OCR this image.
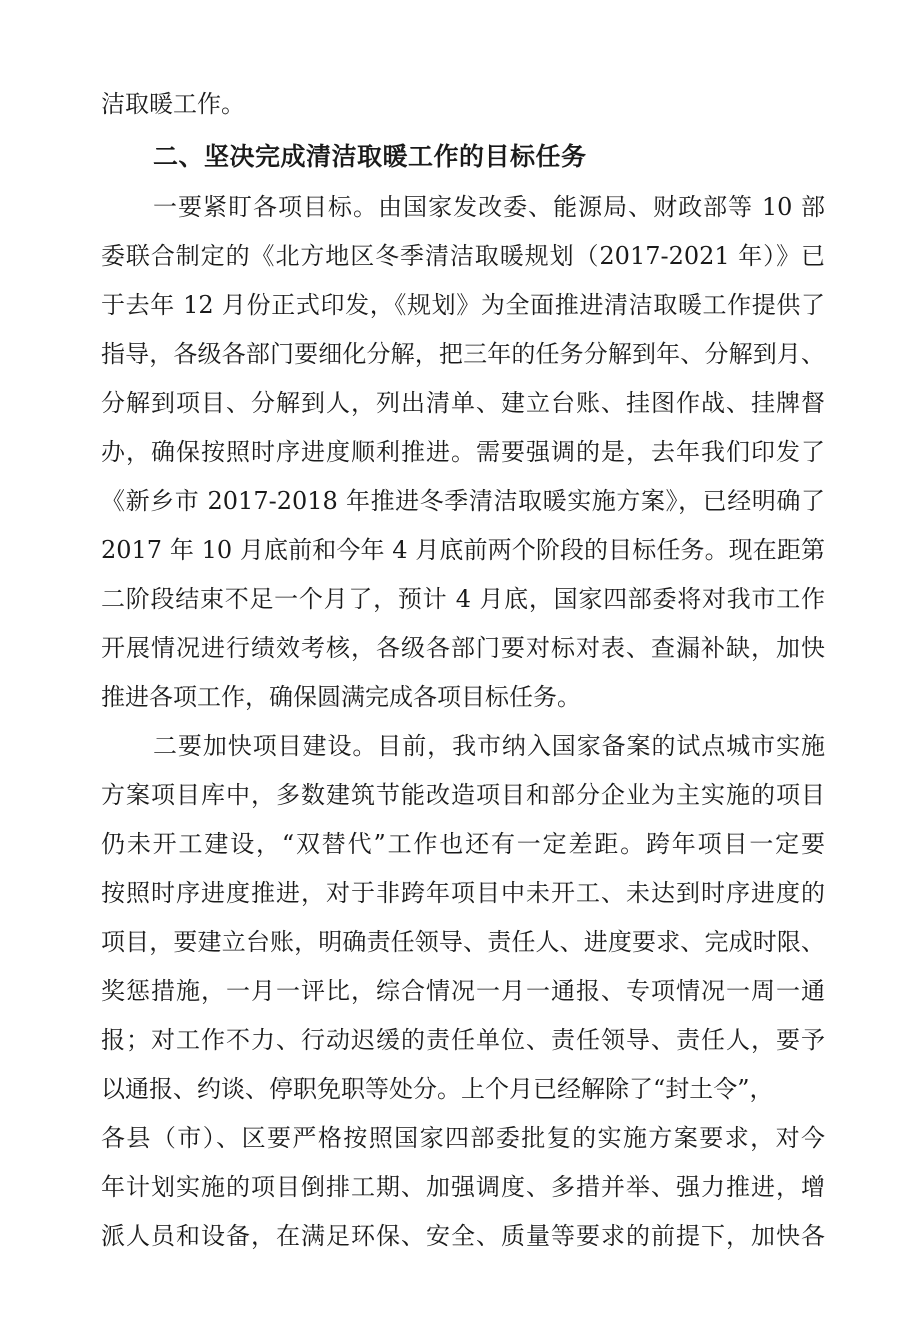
洁取暖工作。
二、坚决完成清洁取暖工作的目标任务
一要紧盯各项目标。由国家发改委、能源局、财政部等 10 部
委联合制定的《北方地区冬季清洁取暖规划（2017-2021 年）》已
于去年 12 月份正式印发，《规划》为全面推进清洁取暖工作提供了
指导，各级各部门要细化分解，把三年的任务分解到年、分解到月、
分解到项目、分解到人，列出清单、建立台账、挂图作战、挂牌督
办，确保按照时序进度顺利推进。需要强调的是，去年我们印发了
《新乡市 2017-2018 年推进冬季清洁取暖实施方案》，已经明确了
2017 年 10 月底前和今年 4 月底前两个阶段的目标任务。现在距第
二阶段结束不足一个月了，预计 4 月底，国家四部委将对我市工作
开展情况进行绩效考核，各级各部门要对标对表、查漏补缺，加快
推进各项工作，确保圆满完成各项目标任务。
二要加快项目建设。目前，我市纳入国家备案的试点城市实施
方案项目库中，多数建筑节能改造项目和部分企业为主实施的项目
仍未开工建设，“双替代”工作也还有一定差距。跨年项目一定要
按照时序进度推进，对于非跨年项目中未开工、未达到时序进度的
项目，要建立台账，明确责任领导、责任人、进度要求、完成时限、
奖惩措施，一月一评比，综合情况一月一通报、专项情况一周一通
报；对工作不力、行动迟缓的责任单位、责任领导、责任人，要予
以通报、约谈、停职免职等处分。上个月已经解除了“封土令”，
各县（市）、区要严格按照国家四部委批复的实施方案要求，对今
年计划实施的项目倒排工期、加强调度、多措并举、强力推进，增
派人员和设备，在满足环保、安全、质量等要求的前提下，加快各
